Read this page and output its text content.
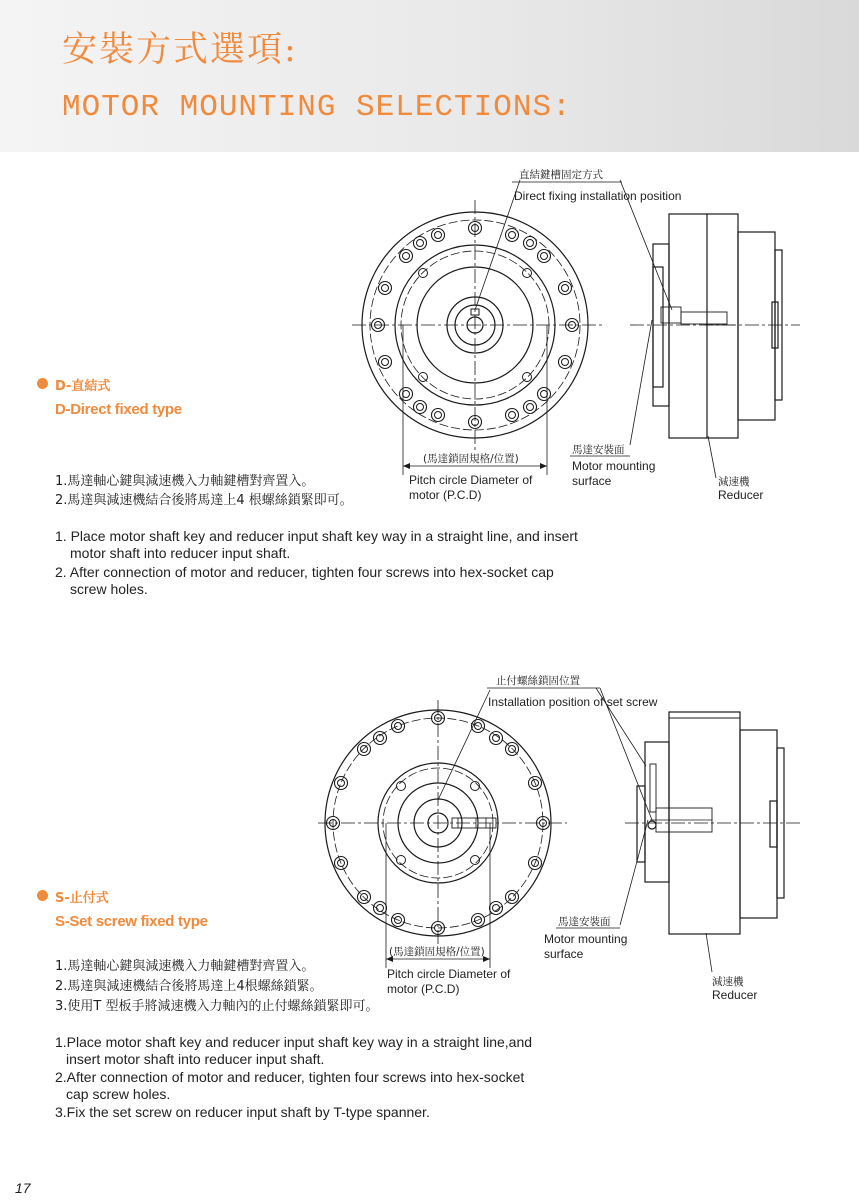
安裝方式選項:
MOTOR MOUNTING SELECTIONS:
直結鍵槽固定方式
Direct fixing installation position
(馬達鎖固規格/位置)
Pitch circle Diameter of
motor (P.C.D)
馬達安裝面
Motor mounting
surface	減速機
Reducer
止付螺絲鎖固位置
Installation position of set screw
(馬達鎖固規格/位置)
Pitch circle Diameter of
motor (P.C.D)
馬達安裝面
Motor mounting
surface
減速機
Reducer
D-直結式
D-Direct fixed type
1.馬達軸心鍵與減速機入力軸鍵槽對齊置入。
2.馬達與減速機結合後將馬達上4 根螺絲鎖緊即可。
1. Place motor shaft key and reducer input shaft key way in a straight line, and insert
motor shaft into reducer input shaft.
2. After connection of motor and reducer, tighten four screws into hex-socket cap
screw holes.
S-止付式
S-Set screw fixed type
1.馬達軸心鍵與減速機入力軸鍵槽對齊置入。
2.馬達與減速機結合後將馬達上4根螺絲鎖緊。
3.使用T 型板手將減速機入力軸內的止付螺絲鎖緊即可。
1.Place motor shaft key and reducer input shaft key way in a straight line,and
insert motor shaft into reducer input shaft.
2.After connection of motor and reducer, tighten four screws into hex-socket
cap screw holes.
3.Fix the set screw on reducer input shaft by T-type spanner.
17
